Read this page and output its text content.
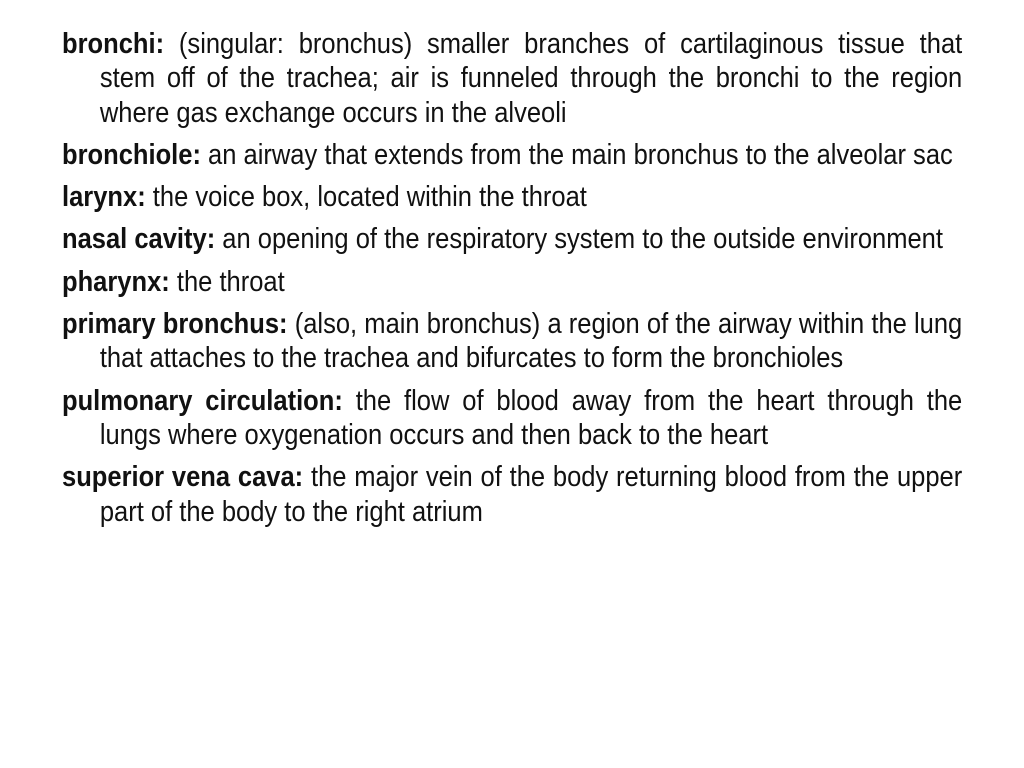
bronchi: (singular: bronchus) smaller branches of cartilaginous tissue that stem off of the trachea; air is funneled through the bronchi to the region where gas exchange occurs in the alveoli

bronchiole: an airway that extends from the main bronchus to the alveolar sac

larynx: the voice box, located within the throat

nasal cavity: an opening of the respiratory system to the outside environment

pharynx: the throat

primary bronchus: (also, main bronchus) a region of the airway within the lung that attaches to the trachea and bifurcates to form the bronchioles

pulmonary circulation: the flow of blood away from the heart through the lungs where oxygenation occurs and then back to the heart

superior vena cava: the major vein of the body returning blood from the upper part of the body to the right atrium
